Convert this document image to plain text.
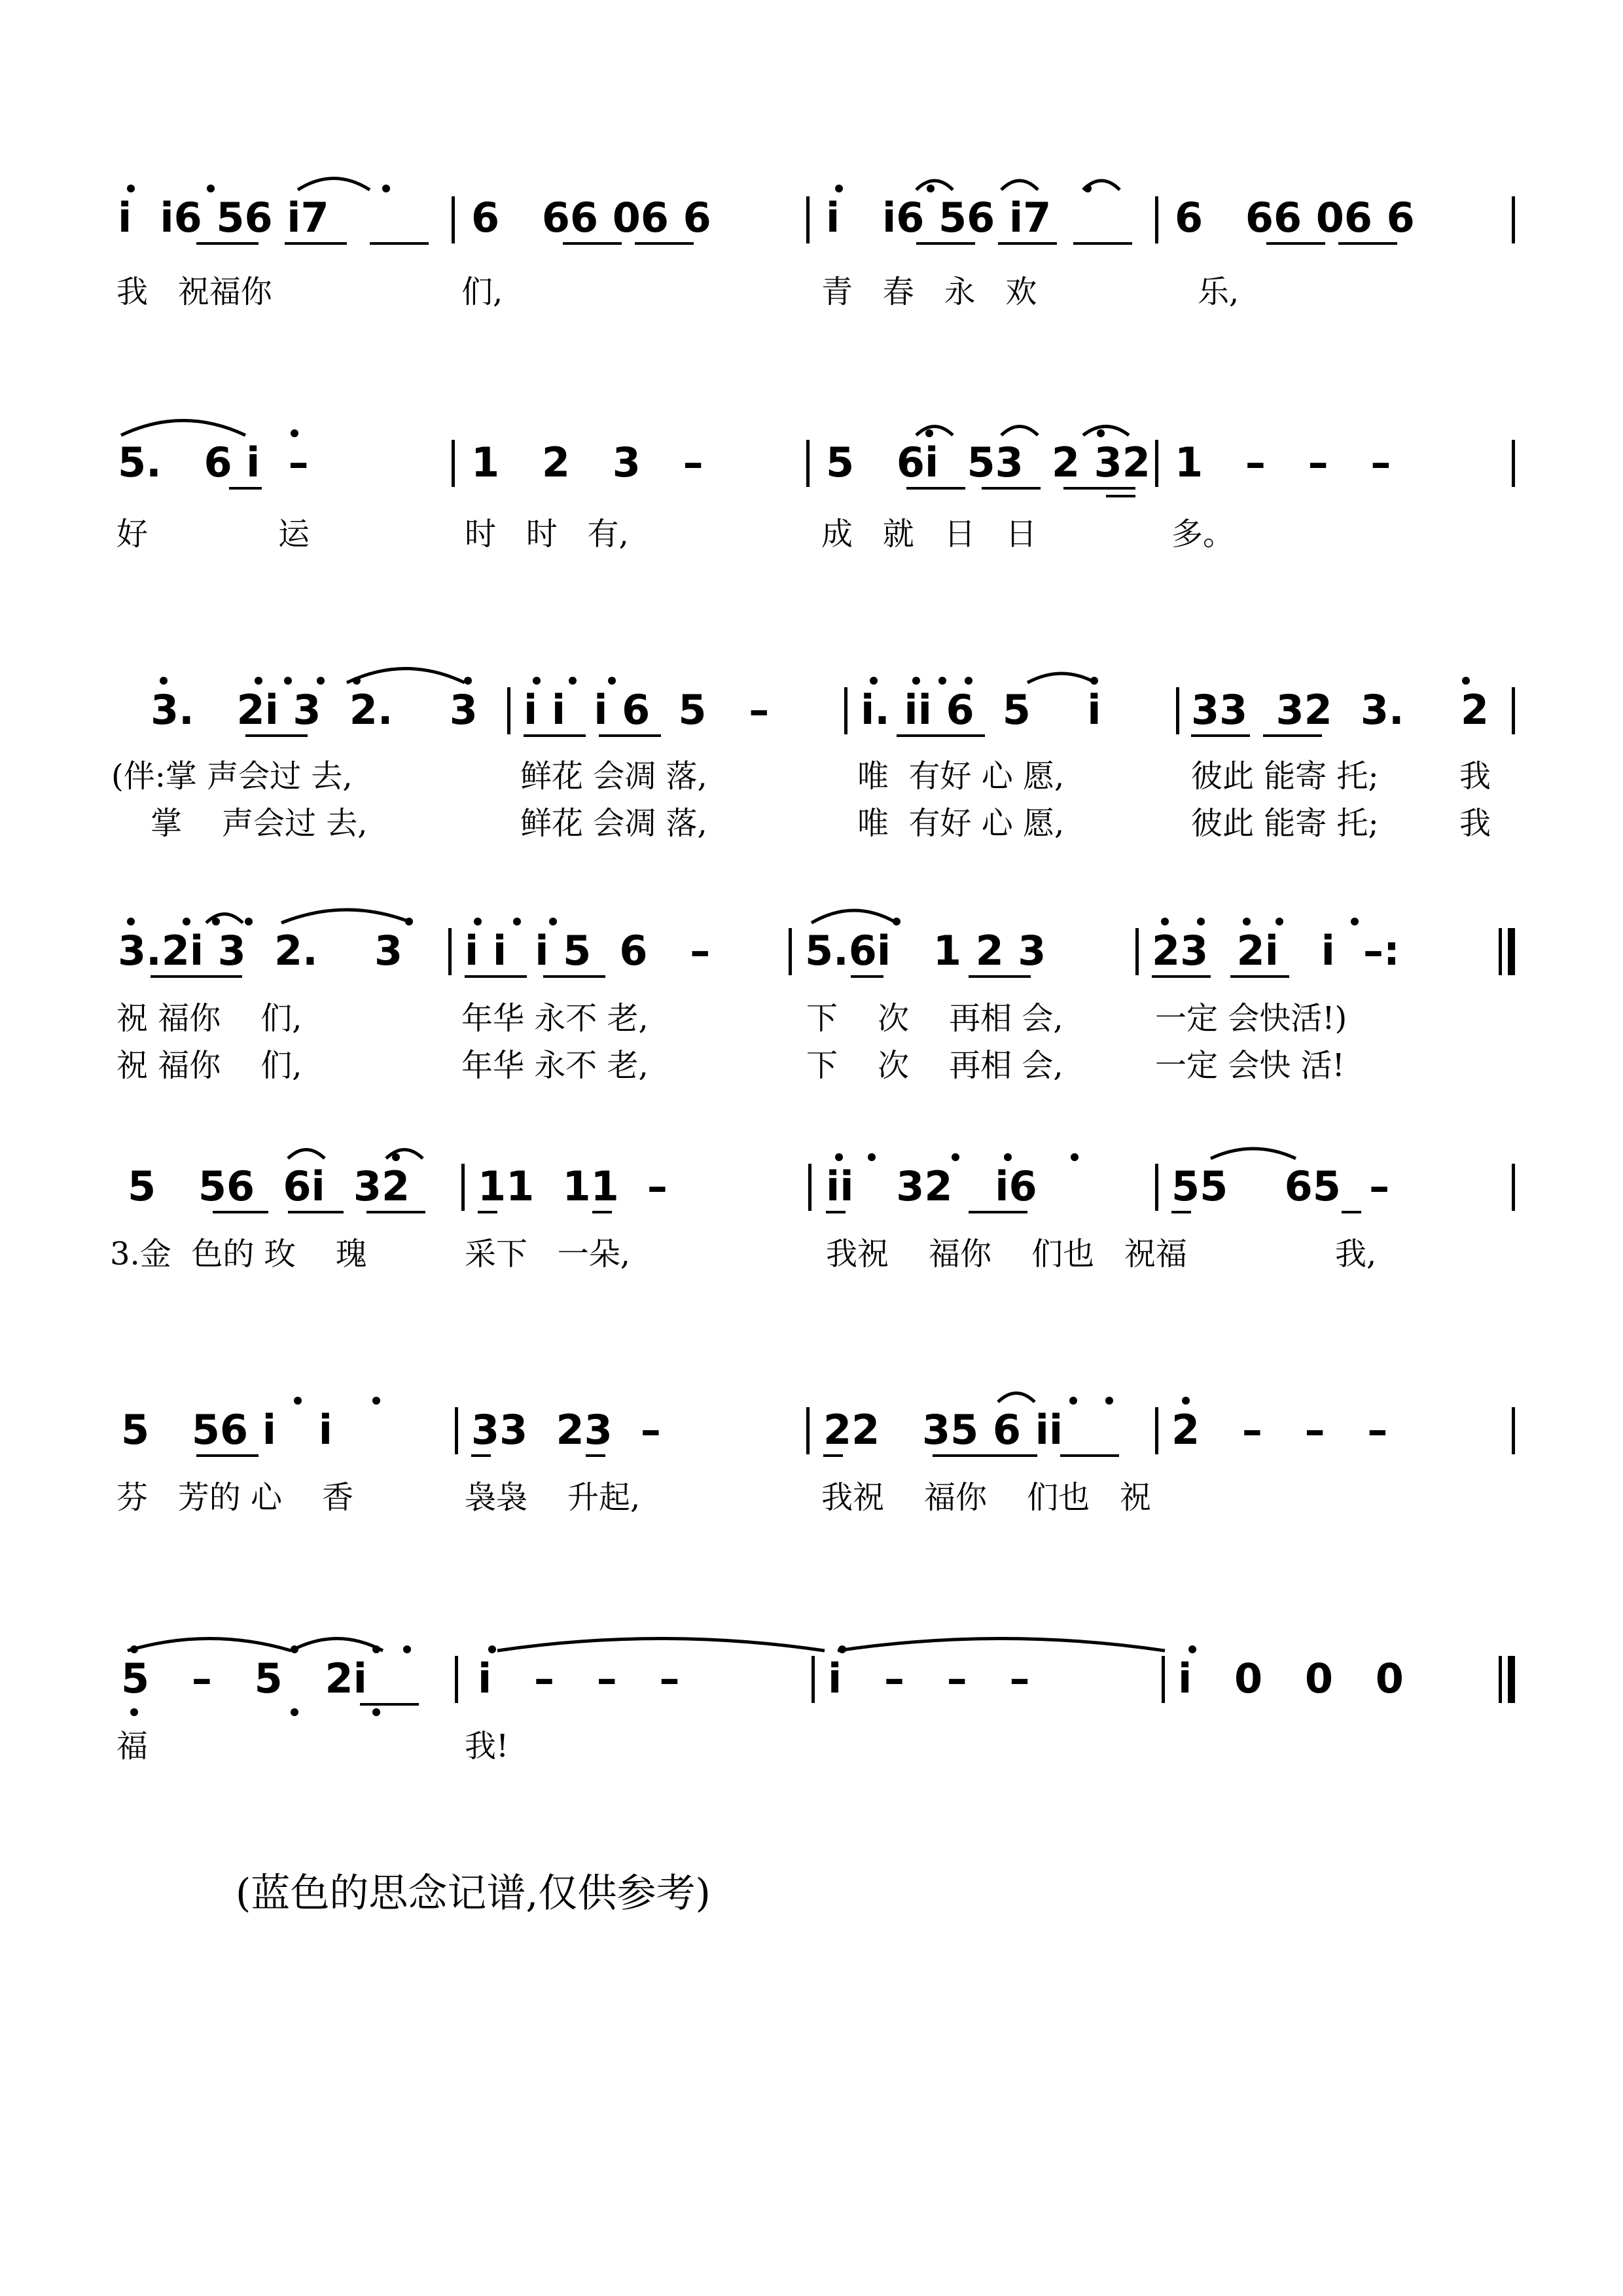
i  i6 56 i7	6   66 06 6	i   i6 56 i7	6   66 06 6
我   祝福你	们,	青   春   永   欢	乐,
5.   6 i  –	1   2   3   –	5   6i  53  2 32 1   –   –   –
好	运	时   时   有,	成   就   日   日	多。
3.   2i 3  2.    3 i i  i 6  5   – i. ii 6  5    i 33  32  3.    2
(伴:掌 声会过 去,	鲜花 会凋 落,	唯  有好 心 愿,	彼此 能寄 托;	我
掌    声会过 去,	鲜花 会凋 落,	唯  有好 心 愿,	彼此 能寄 托;	我
3.2i 3  2.    3 i i  i 5  6   – 5.6i   1 2 3	23  2i   i  –:
祝 福你    们,	年华 永不 老,	下    次    再相 会,	一定 会快活!)
祝 福你    们,	年华 永不 老,	下    次    再相 会,	一定 会快 活!
5   56  6i  32 11  11  –	ii   32   i6	55    65  –
3.金  色的 玫    瑰	采下   一朵,	我祝    福你    们也   祝福	我,
5   56 i   i	33  23  –	22   35 6 ii	2   –   –   –
芬   芳的 心    香	袅袅    升起,	我祝    福你    们也   祝
5   –   5   2i	i   –   –   –	i   –   –   –	i   0   0   0
福	我!
(蓝色的思念记谱,仅供参考)
